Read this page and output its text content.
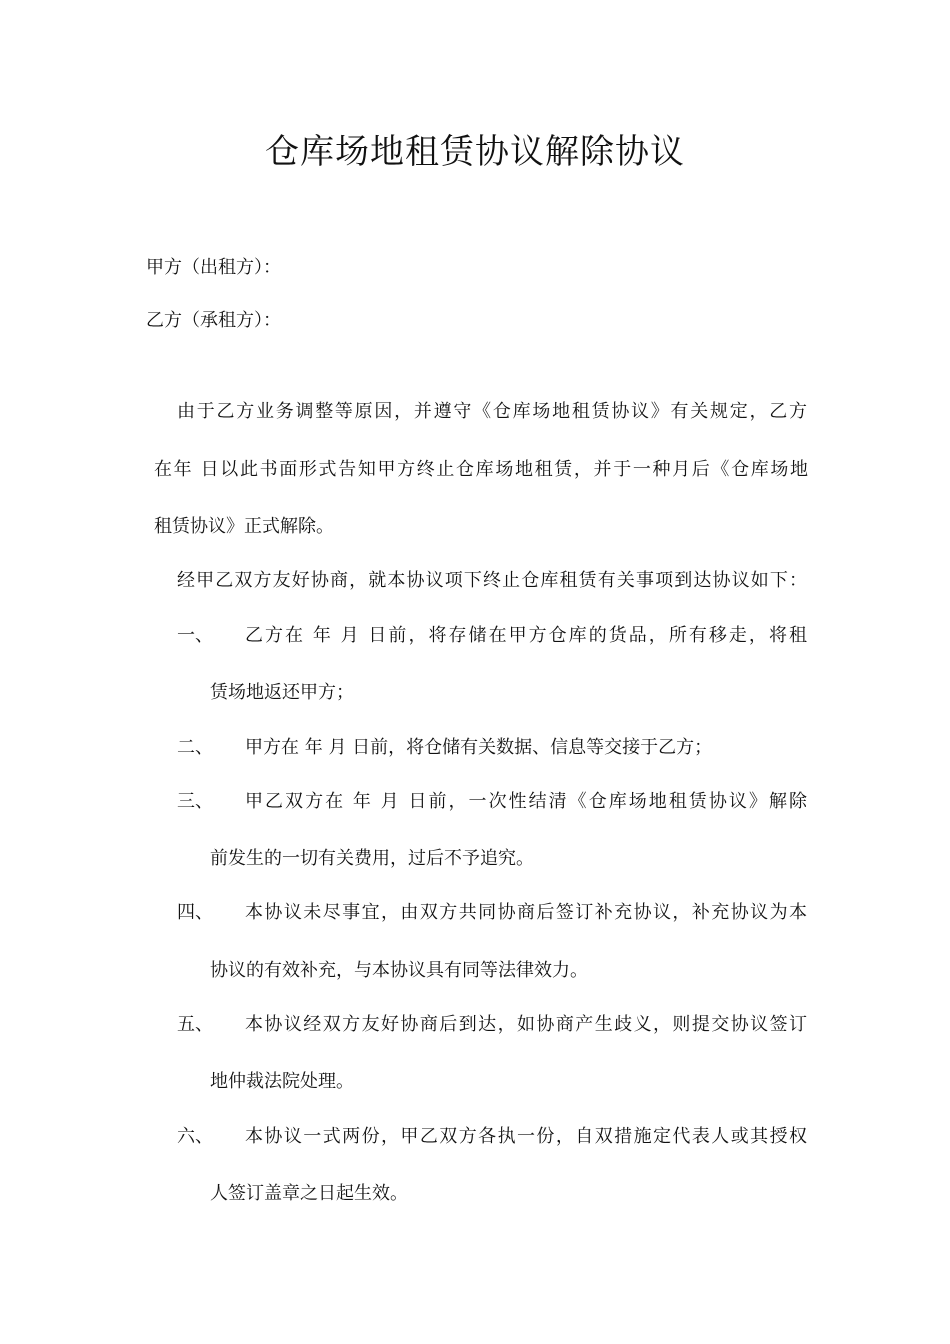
仓库场地租赁协议解除协议
甲方（出租方）：
乙方（承租方）：
由于乙方业务调整等原因，并遵守《仓库场地租赁协议》有关规定，乙方
在年 日以此书面形式告知甲方终止仓库场地租赁，并于一种月后《仓库场地
租赁协议》正式解除。
经甲乙双方友好协商，就本协议项下终止仓库租赁有关事项到达协议如下：
一、 乙方在 年 月 日前，将存储在甲方仓库的货品，所有移走，将租
赁场地返还甲方；
二、 甲方在 年 月 日前，将仓储有关数据、信息等交接于乙方；
三、 甲乙双方在 年 月 日前，一次性结清《仓库场地租赁协议》解除
前发生的一切有关费用，过后不予追究。
四、 本协议未尽事宜，由双方共同协商后签订补充协议，补充协议为本
协议的有效补充，与本协议具有同等法律效力。
五、 本协议经双方友好协商后到达，如协商产生歧义，则提交协议签订
地仲裁法院处理。
六、 本协议一式两份，甲乙双方各执一份，自双措施定代表人或其授权
人签订盖章之日起生效。
